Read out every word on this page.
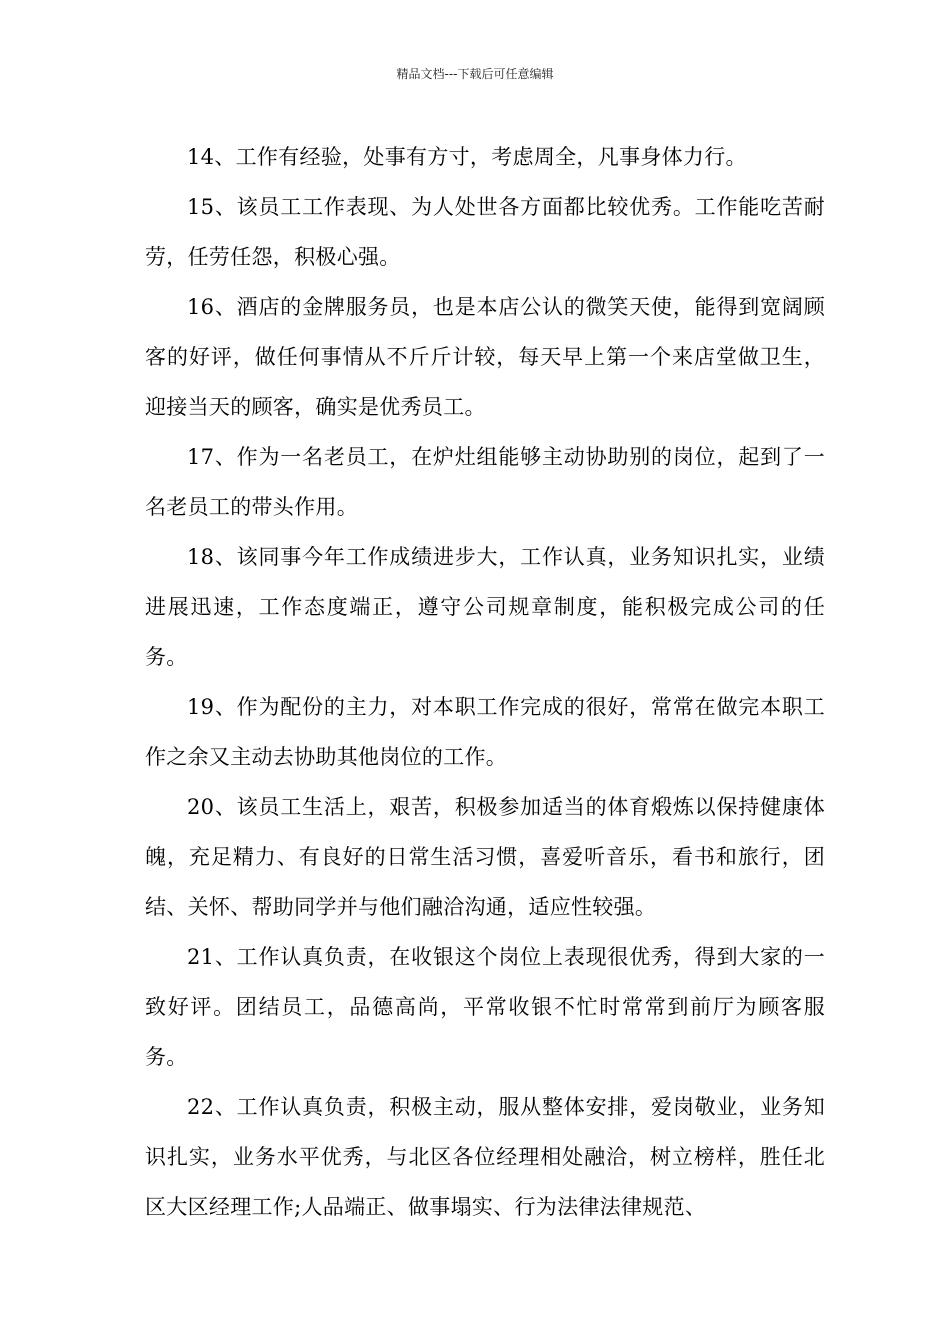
精品文档---下载后可任意编辑

14、工作有经验，处事有方寸，考虑周全，凡事身体力行。

15、该员工工作表现、为人处世各方面都比较优秀。工作能吃苦耐劳，任劳任怨，积极心强。

16、酒店的金牌服务员，也是本店公认的微笑天使，能得到宽阔顾客的好评，做任何事情从不斤斤计较，每天早上第一个来店堂做卫生，迎接当天的顾客，确实是优秀员工。

17、作为一名老员工，在炉灶组能够主动协助别的岗位，起到了一名老员工的带头作用。

18、该同事今年工作成绩进步大，工作认真，业务知识扎实，业绩进展迅速，工作态度端正，遵守公司规章制度，能积极完成公司的任务。

19、作为配份的主力，对本职工作完成的很好，常常在做完本职工作之余又主动去协助其他岗位的工作。

20、该员工生活上，艰苦，积极参加适当的体育煅炼以保持健康体魄，充足精力、有良好的日常生活习惯，喜爱听音乐，看书和旅行，团结、关怀、帮助同学并与他们融洽沟通，适应性较强。

21、工作认真负责，在收银这个岗位上表现很优秀，得到大家的一致好评。团结员工，品德高尚，平常收银不忙时常常到前厅为顾客服务。

22、工作认真负责，积极主动，服从整体安排，爱岗敬业，业务知识扎实，业务水平优秀，与北区各位经理相处融洽，树立榜样，胜任北区大区经理工作;人品端正、做事塌实、行为法律法律规范、
